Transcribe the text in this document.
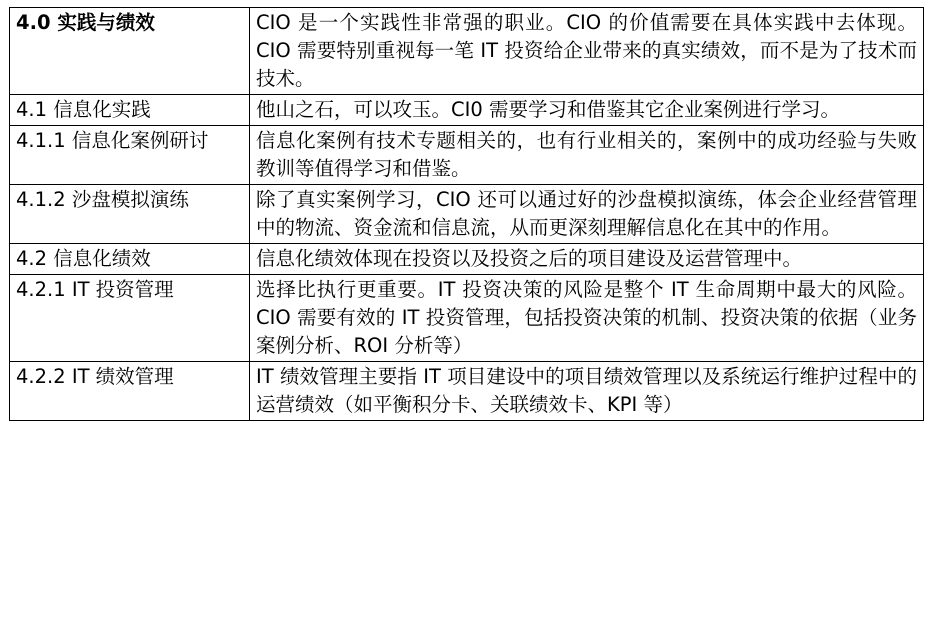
4.0 实践与绩效	CIO 是一个实践性非常强的职业。CIO 的价值需要在具体实践中去体现。CIO 需要特别重视每一笔 IT 投资给企业带来的真实绩效，而不是为了技术而技术。
4.1 信息化实践	他山之石，可以攻玉。CI0 需要学习和借鉴其它企业案例进行学习。
4.1.1 信息化案例研讨	信息化案例有技术专题相关的，也有行业相关的，案例中的成功经验与失败教训等值得学习和借鉴。
4.1.2 沙盘模拟演练	除了真实案例学习，CIO 还可以通过好的沙盘模拟演练，体会企业经营管理中的物流、资金流和信息流，从而更深刻理解信息化在其中的作用。
4.2 信息化绩效	信息化绩效体现在投资以及投资之后的项目建设及运营管理中。
4.2.1 IT 投资管理	选择比执行更重要。IT 投资决策的风险是整个 IT 生命周期中最大的风险。CIO 需要有效的 IT 投资管理，包括投资决策的机制、投资决策的依据（业务案例分析、ROI 分析等）
4.2.2 IT 绩效管理	IT 绩效管理主要指 IT 项目建设中的项目绩效管理以及系统运行维护过程中的运营绩效（如平衡积分卡、关联绩效卡、KPI 等）
